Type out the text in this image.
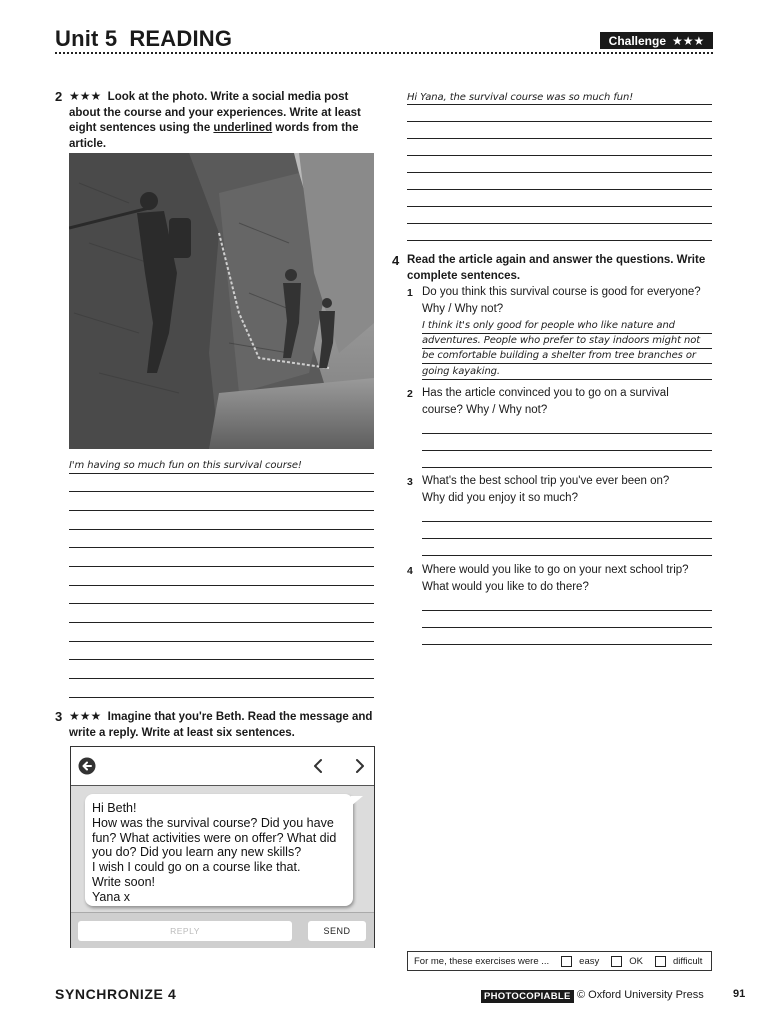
Unit 5 READING	Challenge ★★★
2 ★★★ Look at the photo. Write a social media post about the course and your experiences. Write at least eight sentences using the underlined words from the article.
I'm having so much fun on this survival course!
3 ★★★ Imagine that you're Beth. Read the message and write a reply. Write at least six sentences.
Hi Beth!
How was the survival course? Did you have fun? What activities were on offer? What did you do? Did you learn any new skills?
I wish I could go on a course like that.
Write soon!
Yana x
REPLY	SEND
Hi Yana, the survival course was so much fun!
4 Read the article again and answer the questions. Write complete sentences.
1 Do you think this survival course is good for everyone?
Why / Why not?
I think it's only good for people who like nature and
adventures. People who prefer to stay indoors might not
be comfortable building a shelter from tree branches or
going kayaking.
2 Has the article convinced you to go on a survival
course? Why / Why not?
3 What's the best school trip you've ever been on?
Why did you enjoy it so much?
4 Where would you like to go on your next school trip?
What would you like to do there?
For me, these exercises were ...	easy	OK	difficult
SYNCHRONIZE 4	PHOTOCOPIABLE © Oxford University Press	91
